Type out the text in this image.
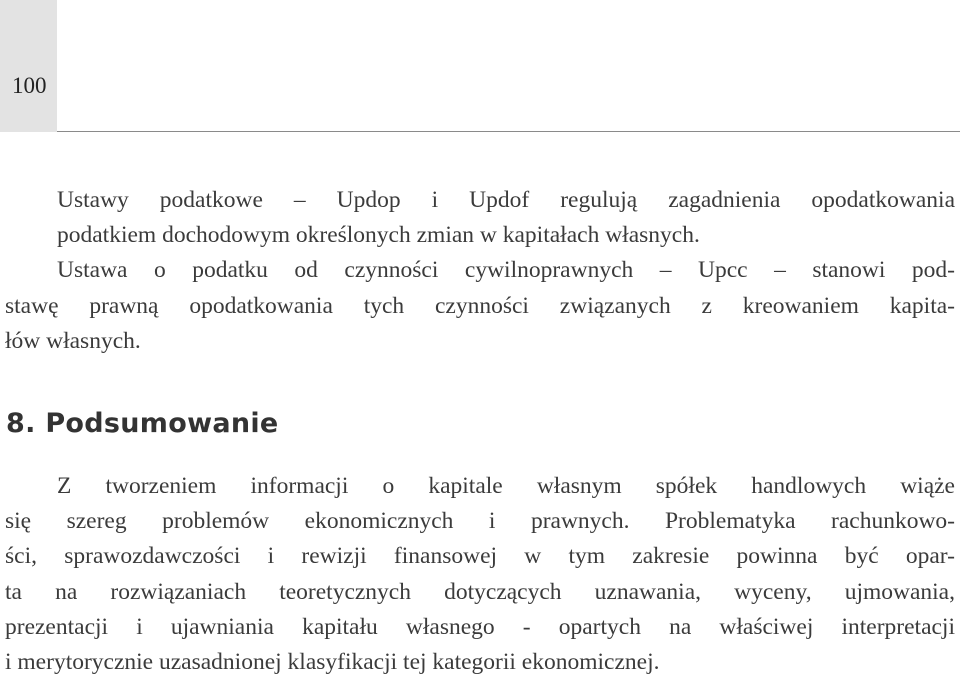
100
Ustawy podatkowe – Updop i Updof regulują zagadnienia opodatkowania
podatkiem dochodowym określonych zmian w kapitałach własnych.
Ustawa o podatku od czynności cywilnoprawnych – Upcc – stanowi pod-
stawę prawną opodatkowania tych czynności związanych z kreowaniem kapita-
łów własnych.
8. Podsumowanie
Z tworzeniem informacji o kapitale własnym spółek handlowych wiąże
się szereg problemów ekonomicznych i prawnych. Problematyka rachunkowo-
ści, sprawozdawczości i rewizji finansowej w tym zakresie powinna być opar-
ta na rozwiązaniach teoretycznych dotyczących uznawania, wyceny, ujmowania,
prezentacji i ujawniania kapitału własnego - opartych na właściwej interpretacji
i merytorycznie uzasadnionej klasyfikacji tej kategorii ekonomicznej.
